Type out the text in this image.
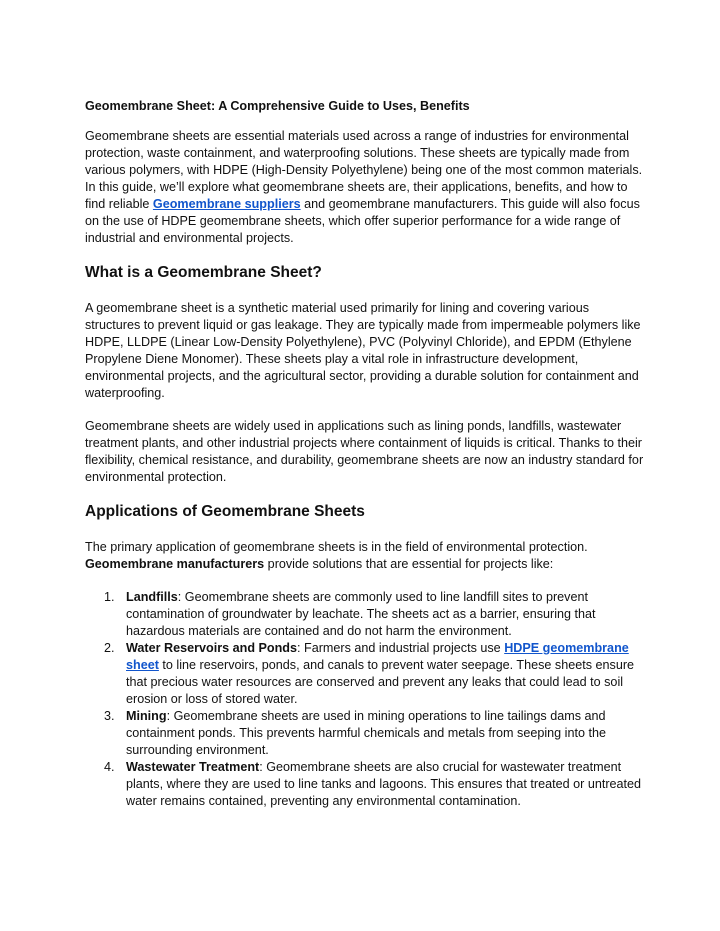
Geomembrane Sheet: A Comprehensive Guide to Uses, Benefits

Geomembrane sheets are essential materials used across a range of industries for environmental protection, waste containment, and waterproofing solutions. These sheets are typically made from various polymers, with HDPE (High-Density Polyethylene) being one of the most common materials. In this guide, we’ll explore what geomembrane sheets are, their applications, benefits, and how to find reliable Geomembrane suppliers and geomembrane manufacturers. This guide will also focus on the use of HDPE geomembrane sheets, which offer superior performance for a wide range of industrial and environmental projects.

What is a Geomembrane Sheet?

A geomembrane sheet is a synthetic material used primarily for lining and covering various structures to prevent liquid or gas leakage. They are typically made from impermeable polymers like HDPE, LLDPE (Linear Low-Density Polyethylene), PVC (Polyvinyl Chloride), and EPDM (Ethylene Propylene Diene Monomer). These sheets play a vital role in infrastructure development, environmental projects, and the agricultural sector, providing a durable solution for containment and waterproofing.

Geomembrane sheets are widely used in applications such as lining ponds, landfills, wastewater treatment plants, and other industrial projects where containment of liquids is critical. Thanks to their flexibility, chemical resistance, and durability, geomembrane sheets are now an industry standard for environmental protection.

Applications of Geomembrane Sheets

The primary application of geomembrane sheets is in the field of environmental protection. Geomembrane manufacturers provide solutions that are essential for projects like:

1. Landfills: Geomembrane sheets are commonly used to line landfill sites to prevent contamination of groundwater by leachate. The sheets act as a barrier, ensuring that hazardous materials are contained and do not harm the environment.
2. Water Reservoirs and Ponds: Farmers and industrial projects use HDPE geomembrane sheet to line reservoirs, ponds, and canals to prevent water seepage. These sheets ensure that precious water resources are conserved and prevent any leaks that could lead to soil erosion or loss of stored water.
3. Mining: Geomembrane sheets are used in mining operations to line tailings dams and containment ponds. This prevents harmful chemicals and metals from seeping into the surrounding environment.
4. Wastewater Treatment: Geomembrane sheets are also crucial for wastewater treatment plants, where they are used to line tanks and lagoons. This ensures that treated or untreated water remains contained, preventing any environmental contamination.
